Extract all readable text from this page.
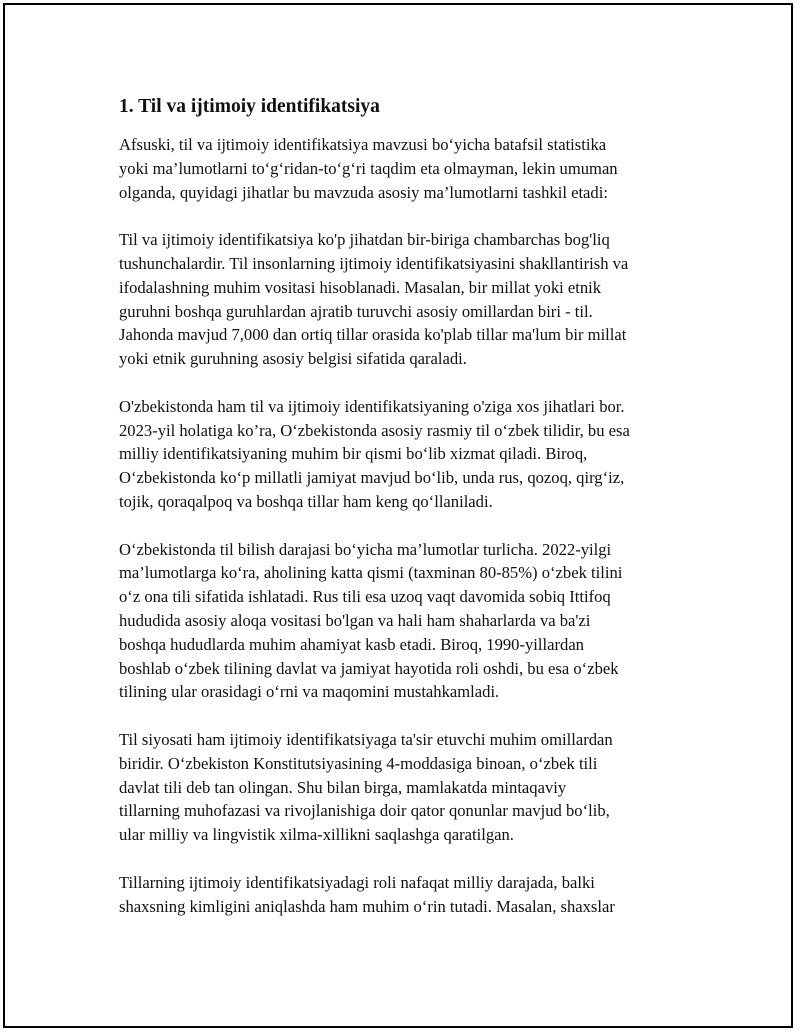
1. Til va ijtimoiy identifikatsiya

Afsuski, til va ijtimoiy identifikatsiya mavzusi bo‘yicha batafsil statistika
yoki ma’lumotlarni to‘g‘ridan-to‘g‘ri taqdim eta olmayman, lekin umuman
olganda, quyidagi jihatlar bu mavzuda asosiy ma’lumotlarni tashkil etadi:

Til va ijtimoiy identifikatsiya ko'p jihatdan bir-biriga chambarchas bog'liq
tushunchalardir. Til insonlarning ijtimoiy identifikatsiyasini shakllantirish va
ifodalashning muhim vositasi hisoblanadi. Masalan, bir millat yoki etnik
guruhni boshqa guruhlardan ajratib turuvchi asosiy omillardan biri - til.
Jahonda mavjud 7,000 dan ortiq tillar orasida ko'plab tillar ma'lum bir millat
yoki etnik guruhning asosiy belgisi sifatida qaraladi.

O'zbekistonda ham til va ijtimoiy identifikatsiyaning o'ziga xos jihatlari bor.
2023-yil holatiga ko’ra, O‘zbekistonda asosiy rasmiy til o‘zbek tilidir, bu esa
milliy identifikatsiyaning muhim bir qismi bo‘lib xizmat qiladi. Biroq,
O‘zbekistonda ko‘p millatli jamiyat mavjud bo‘lib, unda rus, qozoq, qirg‘iz,
tojik, qoraqalpoq va boshqa tillar ham keng qo‘llaniladi.

O‘zbekistonda til bilish darajasi bo‘yicha ma’lumotlar turlicha. 2022-yilgi
ma’lumotlarga ko‘ra, aholining katta qismi (taxminan 80-85%) o‘zbek tilini
o‘z ona tili sifatida ishlatadi. Rus tili esa uzoq vaqt davomida sobiq Ittifoq
hududida asosiy aloqa vositasi bo'lgan va hali ham shaharlarda va ba'zi
boshqa hududlarda muhim ahamiyat kasb etadi. Biroq, 1990-yillardan
boshlab o‘zbek tilining davlat va jamiyat hayotida roli oshdi, bu esa o‘zbek
tilining ular orasidagi o‘rni va maqomini mustahkamladi.

Til siyosati ham ijtimoiy identifikatsiyaga ta'sir etuvchi muhim omillardan
biridir. O‘zbekiston Konstitutsiyasining 4-moddasiga binoan, o‘zbek tili
davlat tili deb tan olingan. Shu bilan birga, mamlakatda mintaqaviy
tillarning muhofazasi va rivojlanishiga doir qator qonunlar mavjud bo‘lib,
ular milliy va lingvistik xilma-xillikni saqlashga qaratilgan.

Tillarning ijtimoiy identifikatsiyadagi roli nafaqat milliy darajada, balki
shaxsning kimligini aniqlashda ham muhim o‘rin tutadi. Masalan, shaxslar
